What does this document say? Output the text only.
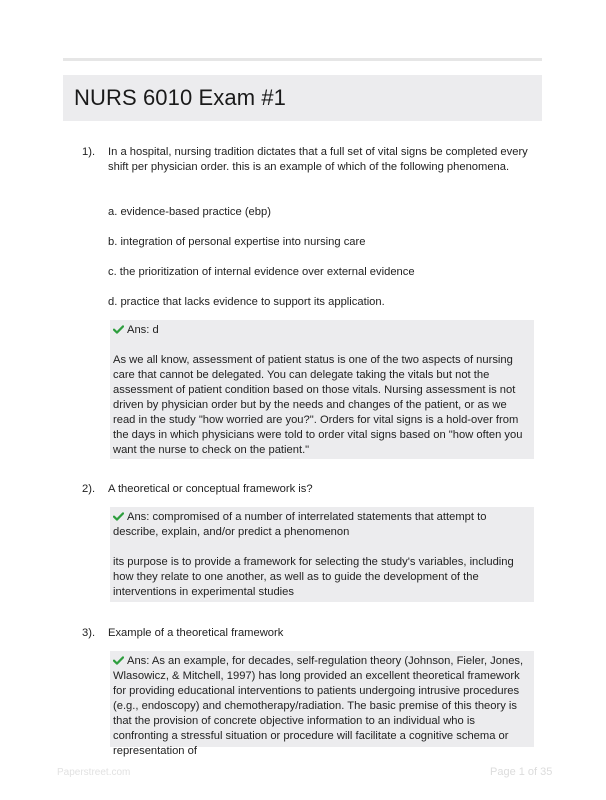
NURS 6010 Exam #1
1). In a hospital, nursing tradition dictates that a full set of vital signs be completed every shift per physician order. this is an example of which of the following phenomena.
a. evidence-based practice (ebp)
b. integration of personal expertise into nursing care
c. the prioritization of internal evidence over external evidence
d. practice that lacks evidence to support its application.
Ans: d
As we all know, assessment of patient status is one of the two aspects of nursing care that cannot be delegated. You can delegate taking the vitals but not the assessment of patient condition based on those vitals. Nursing assessment is not driven by physician order but by the needs and changes of the patient, or as we read in the study "how worried are you?". Orders for vital signs is a hold-over from the days in which physicians were told to order vital signs based on "how often you want the nurse to check on the patient."
2). A theoretical or conceptual framework is?
Ans: compromised of a number of interrelated statements that attempt to describe, explain, and/or predict a phenomenon
its purpose is to provide a framework for selecting the study's variables, including how they relate to one another, as well as to guide the development of the interventions in experimental studies
3). Example of a theoretical framework
Ans: As an example, for decades, self-regulation theory (Johnson, Fieler, Jones, Wlasowicz, & Mitchell, 1997) has long provided an excellent theoretical framework for providing educational interventions to patients undergoing intrusive procedures (e.g., endoscopy) and chemotherapy/radiation. The basic premise of this theory is that the provision of concrete objective information to an individual who is confronting a stressful situation or procedure will facilitate a cognitive schema or representation of
Paperstreet.com	Page 1 of 35
